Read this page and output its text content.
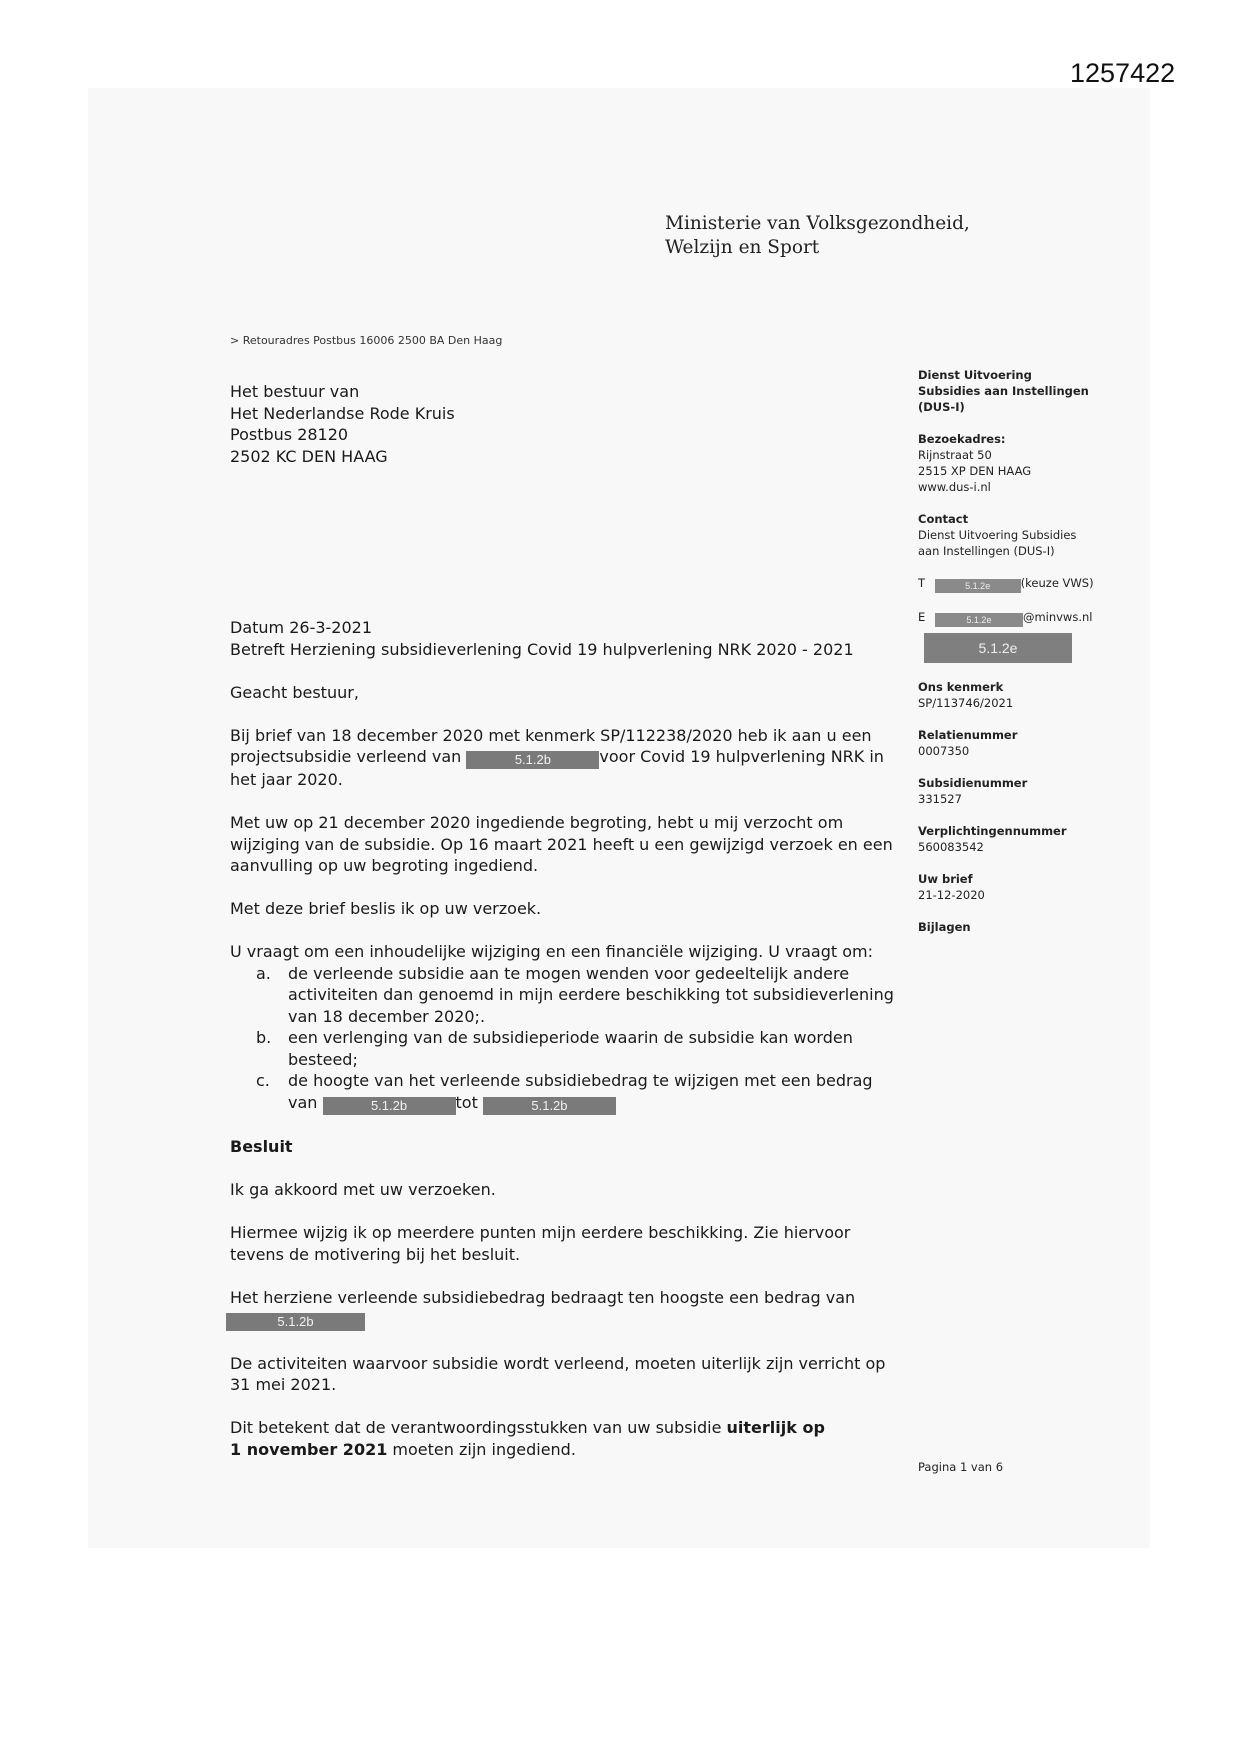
1257422
Ministerie van Volksgezondheid,
Welzijn en Sport
> Retouradres Postbus 16006 2500 BA Den Haag
Het bestuur van
Het Nederlandse Rode Kruis
Postbus 28120
2502 KC DEN HAAG

Datum 26-3-2021
Betreft Herziening subsidieverlening Covid 19 hulpverlening NRK 2020 - 2021

Geacht bestuur,

Bij brief van 18 december 2020 met kenmerk SP/112238/2020 heb ik aan u een
projectsubsidie verleend van	5.1.2b	voor Covid 19 hulpverlening NRK in
het jaar 2020.

Met uw op 21 december 2020 ingediende begroting, hebt u mij verzocht om
wijziging van de subsidie. Op 16 maart 2021 heeft u een gewijzigd verzoek en een
aanvulling op uw begroting ingediend.

Met deze brief beslis ik op uw verzoek.

U vraagt om een inhoudelijke wijziging en een financiële wijziging. U vraagt om:
a. de verleende subsidie aan te mogen wenden voor gedeeltelijk andere
activiteiten dan genoemd in mijn eerdere beschikking tot subsidieverlening
van 18 december 2020;.
b. een verlenging van de subsidieperiode waarin de subsidie kan worden
besteed;
c. de hoogte van het verleende subsidiebedrag te wijzigen met een bedrag
van	5.1.2b	tot	5.1.2b

Besluit

Ik ga akkoord met uw verzoeken.

Hiermee wijzig ik op meerdere punten mijn eerdere beschikking. Zie hiervoor
tevens de motivering bij het besluit.

Het herziene verleende subsidiebedrag bedraagt ten hoogste een bedrag van
5.1.2b

De activiteiten waarvoor subsidie wordt verleend, moeten uiterlijk zijn verricht op
31 mei 2021.

Dit betekent dat de verantwoordingsstukken van uw subsidie uiterlijk op
1 november 2021 moeten zijn ingediend.

Dienst Uitvoering
Subsidies aan Instellingen
(DUS-I)
Bezoekadres:
Rijnstraat 50
2515 XP DEN HAAG
www.dus-i.nl
Contact
Dienst Uitvoering Subsidies
aan Instellingen (DUS-I)
T	5.1.2e	(keuze VWS)
E	5.1.2e	@minvws.nl
5.1.2e
Ons kenmerk
SP/113746/2021
Relatienummer
0007350
Subsidienummer
331527
Verplichtingennummer
560083542
Uw brief
21-12-2020
Bijlagen
Pagina 1 van 6
